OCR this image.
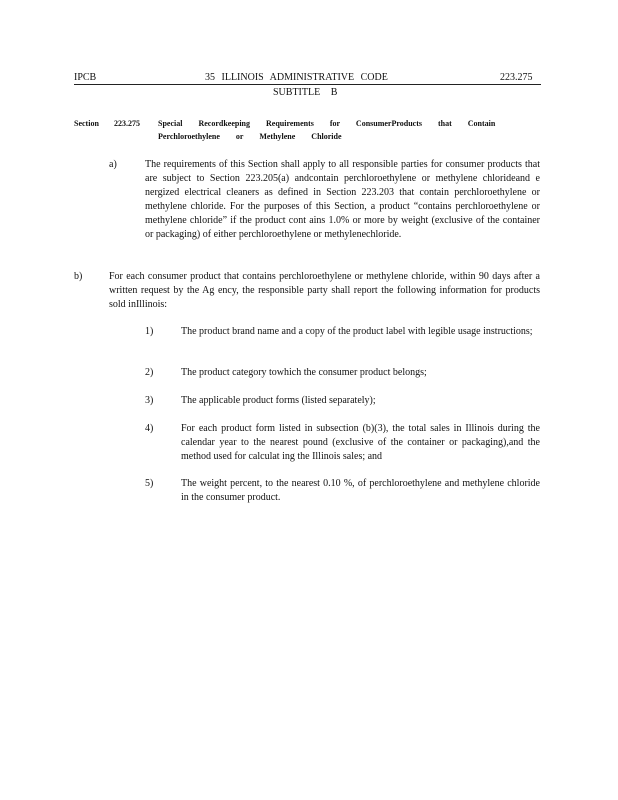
IPCB	35 ILLINOIS ADMINISTRATIVE CODE	223.275
SUBTITLE B
Section 223.275 Special Recordkeeping Requirements for ConsumerProducts that Contain Perchloroethylene or Methylene Chloride
a)	The requirements of this Section shall apply to all responsible parties for consumer products that are subject to Section 223.205(a) andcontain perchloroethylene or methylene chlorideand e nergized electrical cleaners as defined in Section 223.203 that contain perchloroethylene or methylene chloride. For the purposes of this Section, a product “contains perchloroethylene or methylene chloride” if the product cont ains 1.0% or more by weight (exclusive of the container or packaging) of either perchloroethylene or methylenechloride.
b)	For each consumer product that contains perchloroethylene or methylene chloride, within 90 days after a written request by the Ag ency, the responsible party shall report the following information for products sold inIllinois:
1)	The product brand name and a copy of the product label with legible usage instructions;
2)	The product category towhich the consumer product belongs;
3)	The applicable product forms (listed separately);
4)	For each product form listed in subsection (b)(3), the total sales in Illinois during the calendar year to the nearest pound (exclusive of the container or packaging),and the method used for calculat ing the Illinois sales; and
5)	The weight percent, to the nearest 0.10 %, of perchloroethylene and methylene chloride in the consumer product.
